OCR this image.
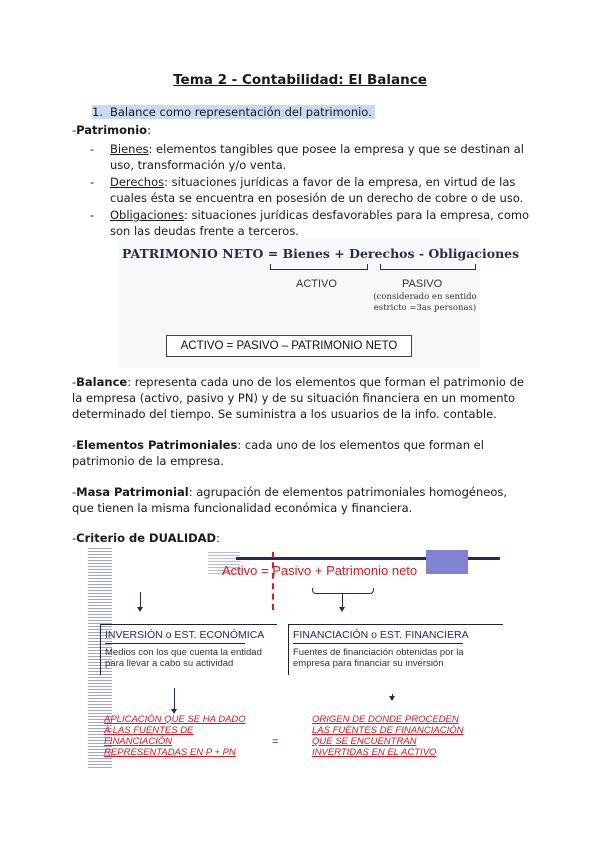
Tema 2 - Contabilidad: El Balance
1. Balance como representación del patrimonio.
-Patrimonio:
- Bienes: elementos tangibles que posee la empresa y que se destinan al uso, transformación y/o venta.
- Derechos: situaciones jurídicas a favor de la empresa, en virtud de las cuales ésta se encuentra en posesión de un derecho de cobre o de uso.
- Obligaciones: situaciones jurídicas desfavorables para la empresa, como son las deudas frente a terceros.
PATRIMONIO NETO = Bienes + Derechos - Obligaciones
ACTIVO	PASIVO
(considerado en sentido
estricto =3as personas)
ACTIVO = PASIVO – PATRIMONIO NETO
-Balance: representa cada uno de los elementos que forman el patrimonio de la empresa (activo, pasivo y PN) y de su situación financiera en un momento determinado del tiempo. Se suministra a los usuarios de la info. contable.
-Elementos Patrimoniales: cada uno de los elementos que forman el patrimonio de la empresa.
-Masa Patrimonial: agrupación de elementos patrimoniales homogéneos, que tienen la misma funcionalidad económica y financiera.
-Criterio de DUALIDAD:
Activo = Pasivo + Patrimonio neto
INVERSIÓN o EST. ECONÓMICA
Medios con los que cuenta la entidad
para llevar a cabo su actividad
FINANCIACIÓN o EST. FINANCIERA
Fuentes de financiación obtenidas por la
empresa para financiar su inversión
APLICACIÓN QUE SE HA DADO
A LAS FUENTES DE
FINANCIACIÓN
REPRESENTADAS EN P + PN
=
ORIGEN DE DONDE PROCEDEN
LAS FUENTES DE FINANCIACIÓN
QUE SE ENCUENTRAN
INVERTIDAS EN EL ACTIVO
